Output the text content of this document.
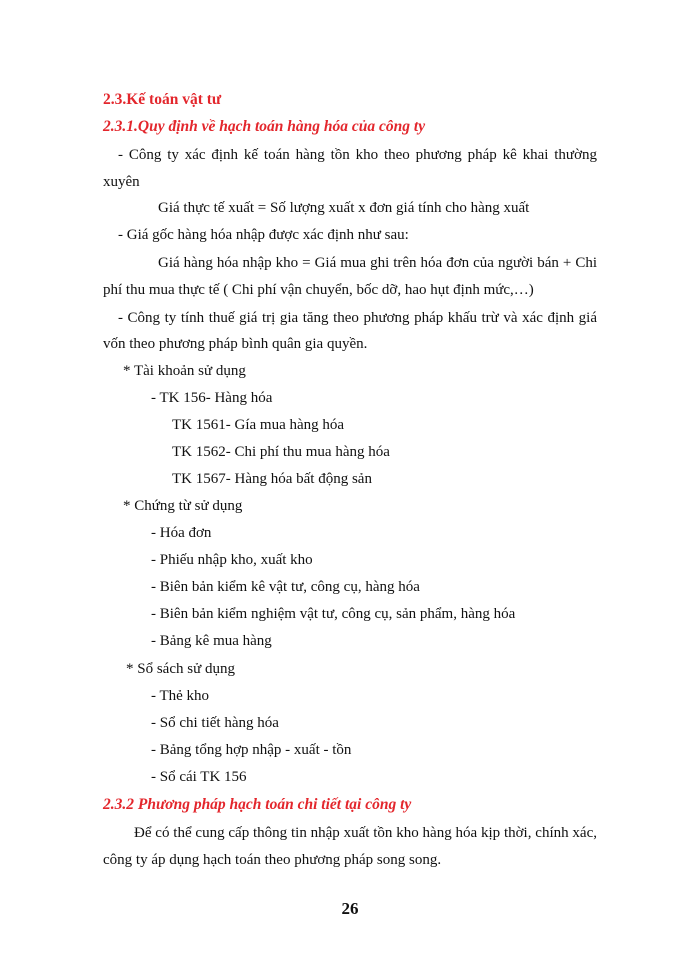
2.3.Kế toán vật tư
2.3.1.Quy định về hạch toán hàng hóa của công ty
- Công ty xác định kế toán hàng tồn kho theo phương pháp kê khai thường
xuyên
Giá thực tế xuất = Số lượng xuất x đơn giá tính cho hàng xuất
- Giá gốc hàng hóa nhập được xác định như sau:
Giá hàng hóa nhập kho = Giá mua ghi trên hóa đơn của người bán + Chi
phí thu mua thực tế ( Chi phí vận chuyển, bốc dỡ, hao hụt định mức,…)
- Công ty tính thuế giá trị gia tăng theo phương pháp khấu trừ và xác định giá
vốn theo phương pháp bình quân gia quyền.
* Tài khoản sử dụng
- TK 156- Hàng hóa
TK 1561- Gía mua hàng hóa
TK 1562- Chi phí thu mua hàng hóa
TK 1567- Hàng hóa bất động sản
* Chứng từ sử dụng
- Hóa đơn
- Phiếu nhập kho, xuất kho
- Biên bản kiểm kê vật tư, công cụ, hàng hóa
- Biên bản kiểm nghiệm vật tư, công cụ, sản phẩm, hàng hóa
- Bảng kê mua hàng
* Sổ sách sử dụng
- Thẻ kho
- Sổ chi tiết hàng hóa
- Bảng tổng hợp nhập - xuất - tồn
- Sổ cái TK 156
2.3.2 Phương pháp hạch toán chi tiết tại công ty
Để có thể cung cấp thông tin nhập xuất tồn kho hàng hóa kịp thời, chính xác,
công ty áp dụng hạch toán theo phương pháp song song.
26
